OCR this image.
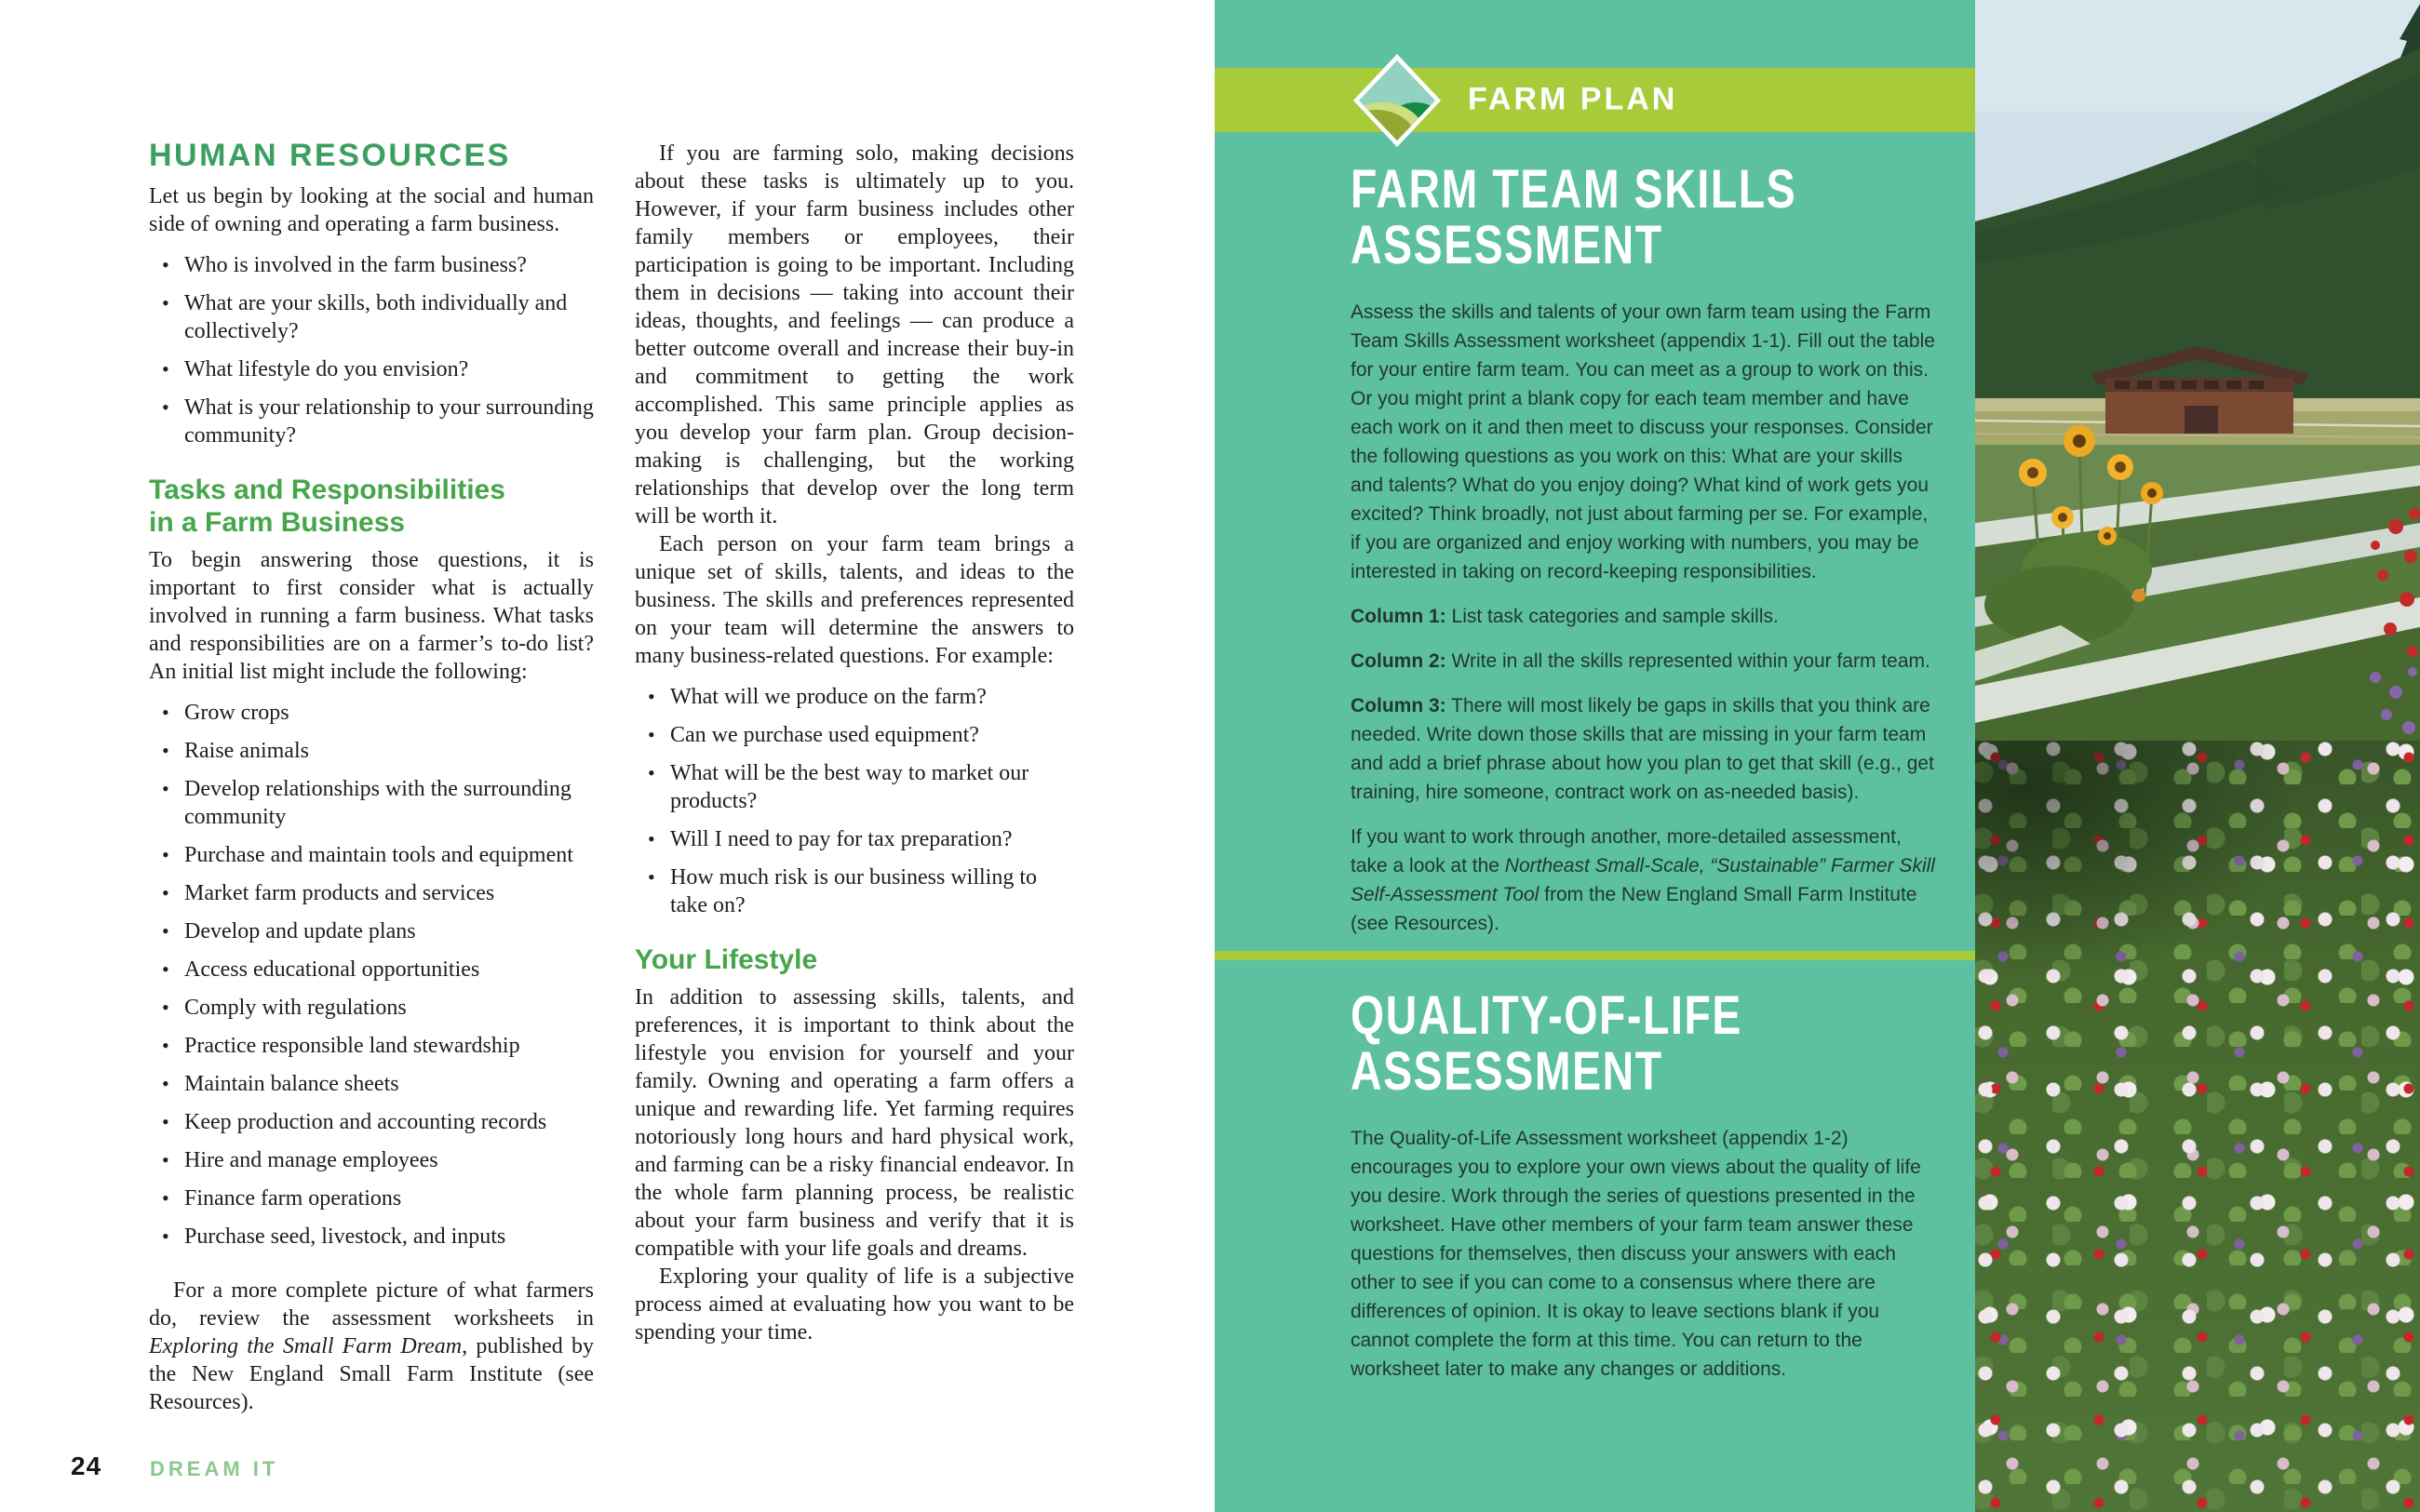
HUMAN RESOURCES

Let us begin by looking at the social and human side of owning and operating a farm business.

• Who is involved in the farm business?
• What are your skills, both individually and collectively?
• What lifestyle do you envision?
• What is your relationship to your surrounding community?
Tasks and Responsibilities
in a Farm Business

To begin answering those questions, it is important to first consider what is actually involved in running a farm business. What tasks and responsibilities are on a farmer’s to-do list? An initial list might include the following:

• Grow crops
• Raise animals
• Develop relationships with the surrounding community
• Purchase and maintain tools and equipment
• Market farm products and services
• Develop and update plans
• Access educational opportunities
• Comply with regulations
• Practice responsible land stewardship
• Maintain balance sheets
• Keep production and accounting records
• Hire and manage employees
• Finance farm operations
• Purchase seed, livestock, and inputs

For a more complete picture of what farmers do, review the assessment worksheets in Exploring the Small Farm Dream, published by the New England Small Farm Institute (see Resources).

If you are farming solo, making decisions about these tasks is ultimately up to you. However, if your farm business includes other family members or employees, their participation is going to be important. Including them in decisions — taking into account their ideas, thoughts, and feelings — can produce a better outcome overall and increase their buy-in and commitment to getting the work accomplished. This same principle applies as you develop your farm plan. Group decision-making is challenging, but the working relationships that develop over the long term will be worth it.

Each person on your farm team brings a unique set of skills, talents, and ideas to the business. The skills and preferences represented on your team will determine the answers to many business-related questions. For example:

• What will we produce on the farm?
• Can we purchase used equipment?
• What will be the best way to market our products?
• Will I need to pay for tax preparation?
• How much risk is our business willing to take on?
Your Lifestyle

In addition to assessing skills, talents, and preferences, it is important to think about the lifestyle you envision for yourself and your family. Owning and operating a farm offers a unique and rewarding life. Yet farming requires notoriously long hours and hard physical work, and farming can be a risky financial endeavor. In the whole farm planning process, be realistic about your farm business and verify that it is compatible with your life goals and dreams.

Exploring your quality of life is a subjective process aimed at evaluating how you want to be spending your time.

24 DREAM IT
FARM PLAN
FARM TEAM SKILLS
ASSESSMENT

Assess the skills and talents of your own farm team using the Farm Team Skills Assessment worksheet (appendix 1-1). Fill out the table for your entire farm team. You can meet as a group to work on this. Or you might print a blank copy for each team member and have each work on it and then meet to discuss your responses. Consider the following questions as you work on this: What are your skills and talents? What do you enjoy doing? What kind of work gets you excited? Think broadly, not just about farming per se. For example, if you are organized and enjoy working with numbers, you may be interested in taking on record-keeping responsibilities.

Column 1: List task categories and sample skills.

Column 2: Write in all the skills represented within your farm team.

Column 3: There will most likely be gaps in skills that you think are needed. Write down those skills that are missing in your farm team and add a brief phrase about how you plan to get that skill (e.g., get training, hire someone, contract work on as-needed basis).

If you want to work through another, more-detailed assessment, take a look at the Northeast Small-Scale, “Sustainable” Farmer Skill Self-Assessment Tool from the New England Small Farm Institute (see Resources).

QUALITY-OF-LIFE
ASSESSMENT

The Quality-of-Life Assessment worksheet (appendix 1-2) encourages you to explore your own views about the quality of life you desire. Work through the series of questions presented in the worksheet. Have other members of your farm team answer these questions for themselves, then discuss your answers with each other to see if you can come to a consensus where there are differences of opinion. It is okay to leave sections blank if you cannot complete the form at this time. You can return to the worksheet later to make any changes or additions.
